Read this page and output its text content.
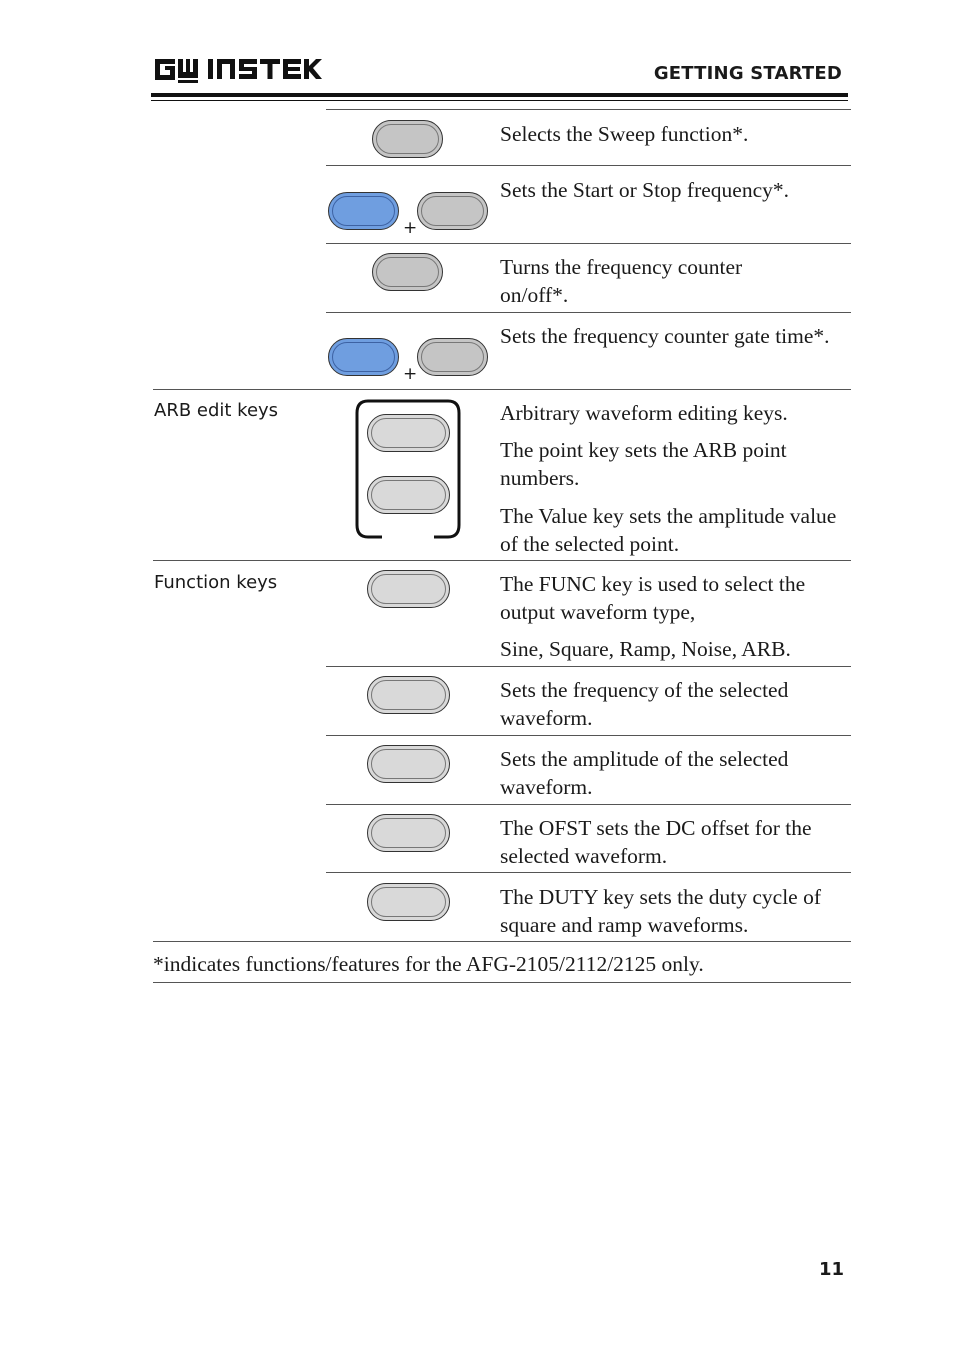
GETTING STARTED
Selects the Sweep function*.
+
Sets the Start or Stop frequency*.
Turns the frequency counter on/off*.
+
Sets the frequency counter gate time*.
ARB edit keys	Arbitrary waveform editing keys.
The point key sets the ARB point numbers.
The Value key sets the amplitude value of the selected point.
Function keys	The FUNC key is used to select the output waveform type,
Sine, Square, Ramp, Noise, ARB.
Sets the frequency of the selected waveform.
Sets the amplitude of the selected waveform.
The OFST sets the DC offset for the selected waveform.
The DUTY key sets the duty cycle of square and ramp waveforms.
*indicates functions/features for the AFG-2105/2112/2125 only.
11
